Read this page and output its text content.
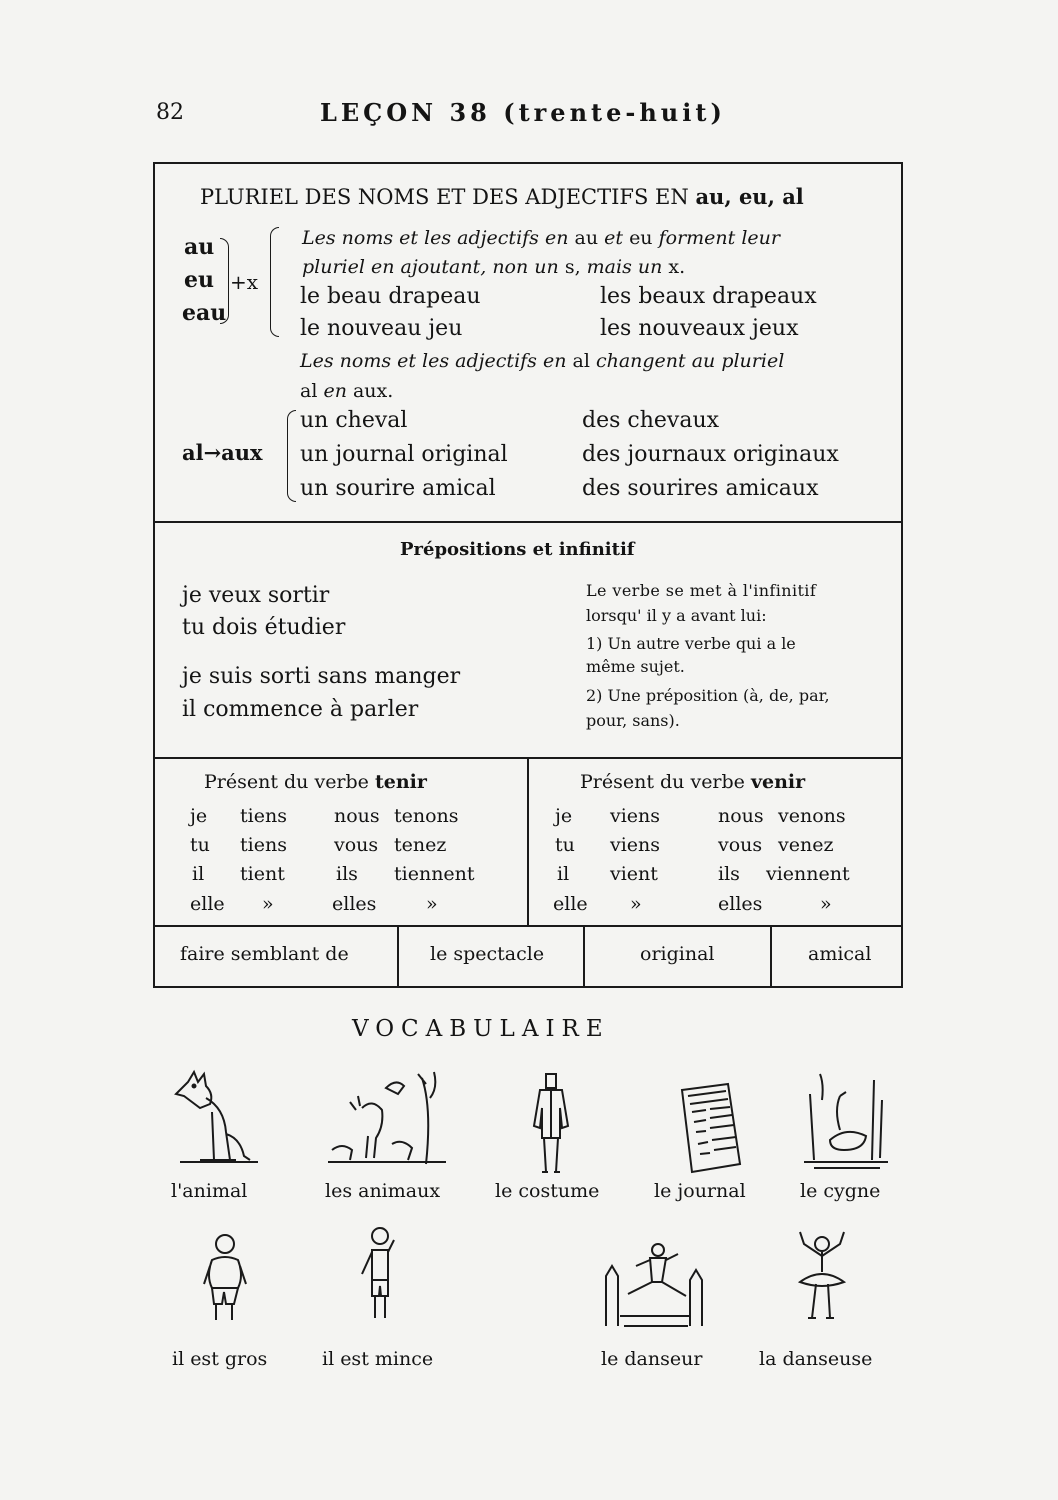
82	LEÇON 38 (trente-huit)
PLURIEL DES NOMS ET DES ADJECTIFS EN au, eu, al
au
eu
eau
+x
Les noms et les adjectifs en au et eu forment leur
pluriel en ajoutant, non un s, mais un x.
le beau drapeau	les beaux drapeaux
le nouveau jeu	les nouveaux jeux
Les noms et les adjectifs en al changent au pluriel
al en aux.
al→aux
un cheval	des chevaux
un journal original	des journaux originaux
un sourire amical	des sourires amicaux
Prépositions et infinitif
je veux sortir
tu dois étudier
je suis sorti sans manger
il commence à parler
Le verbe se met à l'infinitif
lorsqu' il y a avant lui:
1) Un autre verbe qui a le
même sujet.
2) Une préposition (à, de, par,
pour, sans).
Présent du verbe tenir
je tiens nous tenons
tu tiens vous tenez
il tient	ils tiennent
elle »	elles	»
Présent du verbe venir
je viens	nous venons
tu viens	vous venez
il vient	ils viennent
elle »	elles	»
faire semblant de	le spectacle	original	amical
VOCABULAIRE
l'animal	les animaux	le costume	le journal	le cygne
il est gros	il est mince	le danseur	la danseuse
